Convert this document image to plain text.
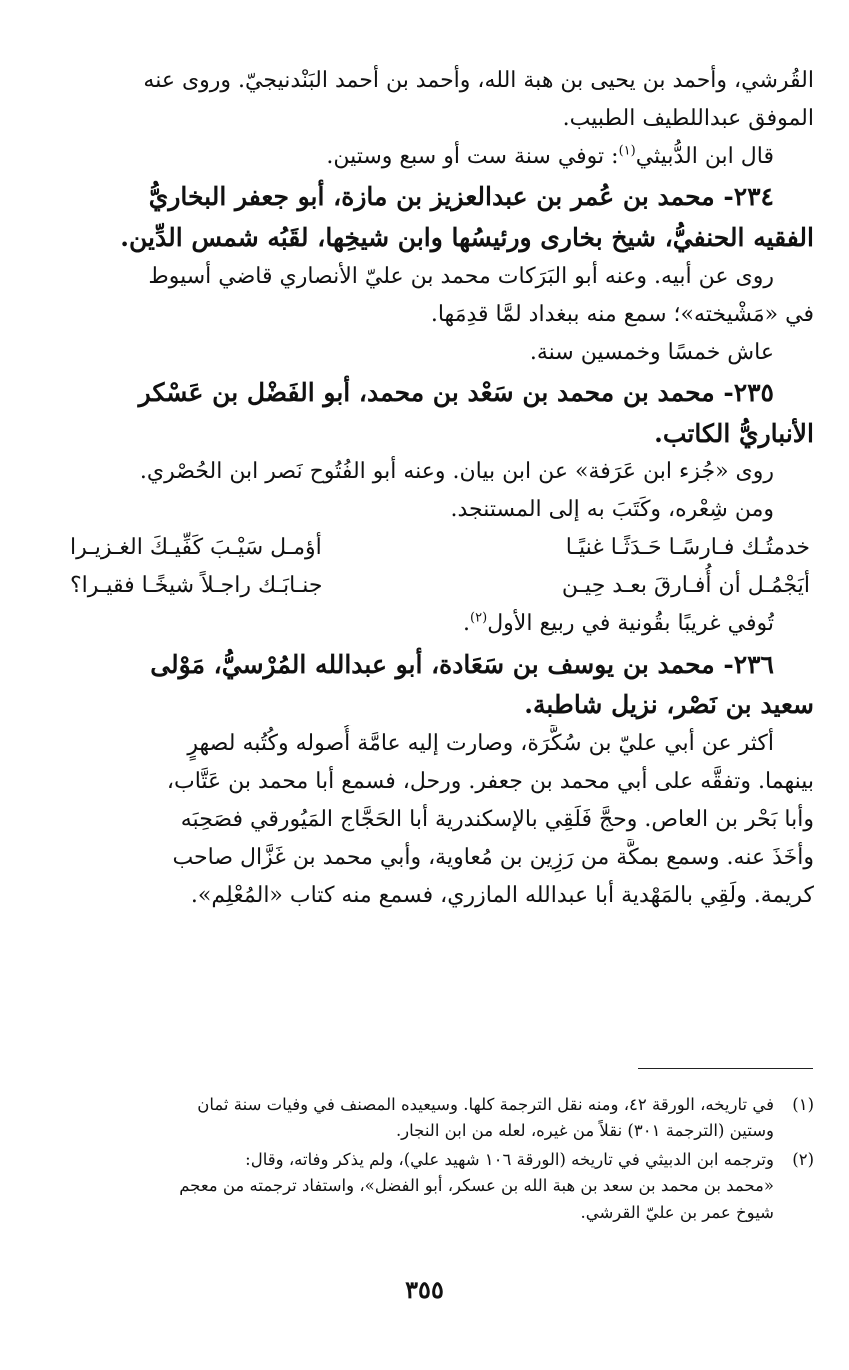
القُرشي، وأحمد بن يحيى بن هبة الله، وأحمد بن أحمد البَنْدنيجيّ. وروى عنه
الموفق عبداللطيف الطبيب.
قال ابن الدُّبيثي$^{(١)}$: توفي سنة ست أو سبع وستين.
٢٣٤- محمد بن عُمر بن عبدالعزيز بن مازة، أبو جعفر البخاريُّ
الفقيه الحنفيُّ، شيخ بخارى ورئيسُها وابن شيخِها، لقَبُه شمس الدِّين.
روى عن أبيه. وعنه أبو البَرَكات محمد بن عليّ الأنصاري قاضي أسيوط
في «مَشْيخته»؛ سمع منه ببغداد لمَّا قدِمَها.
عاش خمسًا وخمسين سنة.
٢٣٥- محمد بن محمد بن سَعْد بن محمد، أبو الفَضْل بن عَسْكر
الأنباريُّ الكاتب.
روى «جُزء ابن عَرَفة» عن ابن بيان. وعنه أبو الفُتُوح نَصر ابن الحُصْري.
ومن شِعْره، وكَتَبَ به إلى المستنجد.
خدمتُـك فـارسًـا حَـدَثًـا غنيًـا
أؤمـل سَيْـبَ كَفِّيـكَ الغـزيـرا
أيَجْمُـل أن أُفـارقَ بعـد حِيـن
جنـابَـك راجـلاً شيخًـا فقيـرا؟
تُوفي غريبًا بقُونية في ربيع الأول$^{(٢)}$.
٢٣٦- محمد بن يوسف بن سَعَادة، أبو عبدالله المُرْسيُّ، مَوْلى
سعيد بن نَصْر، نزيل شاطبة.
أكثر عن أبي عليّ بن سُكَّرَة، وصارت إليه عامَّة أُصوله وكُتُبه لصهرٍ
بينهما. وتفقَّه على أبي محمد بن جعفر. ورحل، فسمع أبا محمد بن عَتَّاب،
وأبا بَحْر بن العاص. وحجَّ فَلَقِي بالإسكندرية أبا الحَجَّاج المَيُورقي فصَحِبَه
وأخَذَ عنه. وسمع بمكَّة من رَزِين بن مُعاوية، وأبي محمد بن غَزَّال صاحب
كريمة. ولَقِي بالمَهْدية أبا عبدالله المازري، فسمع منه كتاب «المُعْلِم».
(١)
في تاريخه، الورقة ٤٢، ومنه نقل الترجمة كلها. وسيعيده المصنف في وفيات سنة ثمان
وستين (الترجمة ٣٠١) نقلاً من غيره، لعله من ابن النجار.
(٢)
وترجمه ابن الدبيثي في تاريخه (الورقة ١٠٦ شهيد علي)، ولم يذكر وفاته، وقال:
«محمد بن محمد بن سعد بن هبة الله بن عسكر، أبو الفضل»، واستفاد ترجمته من معجم
شيوخ عمر بن عليّ القرشي.
٣٥٥
